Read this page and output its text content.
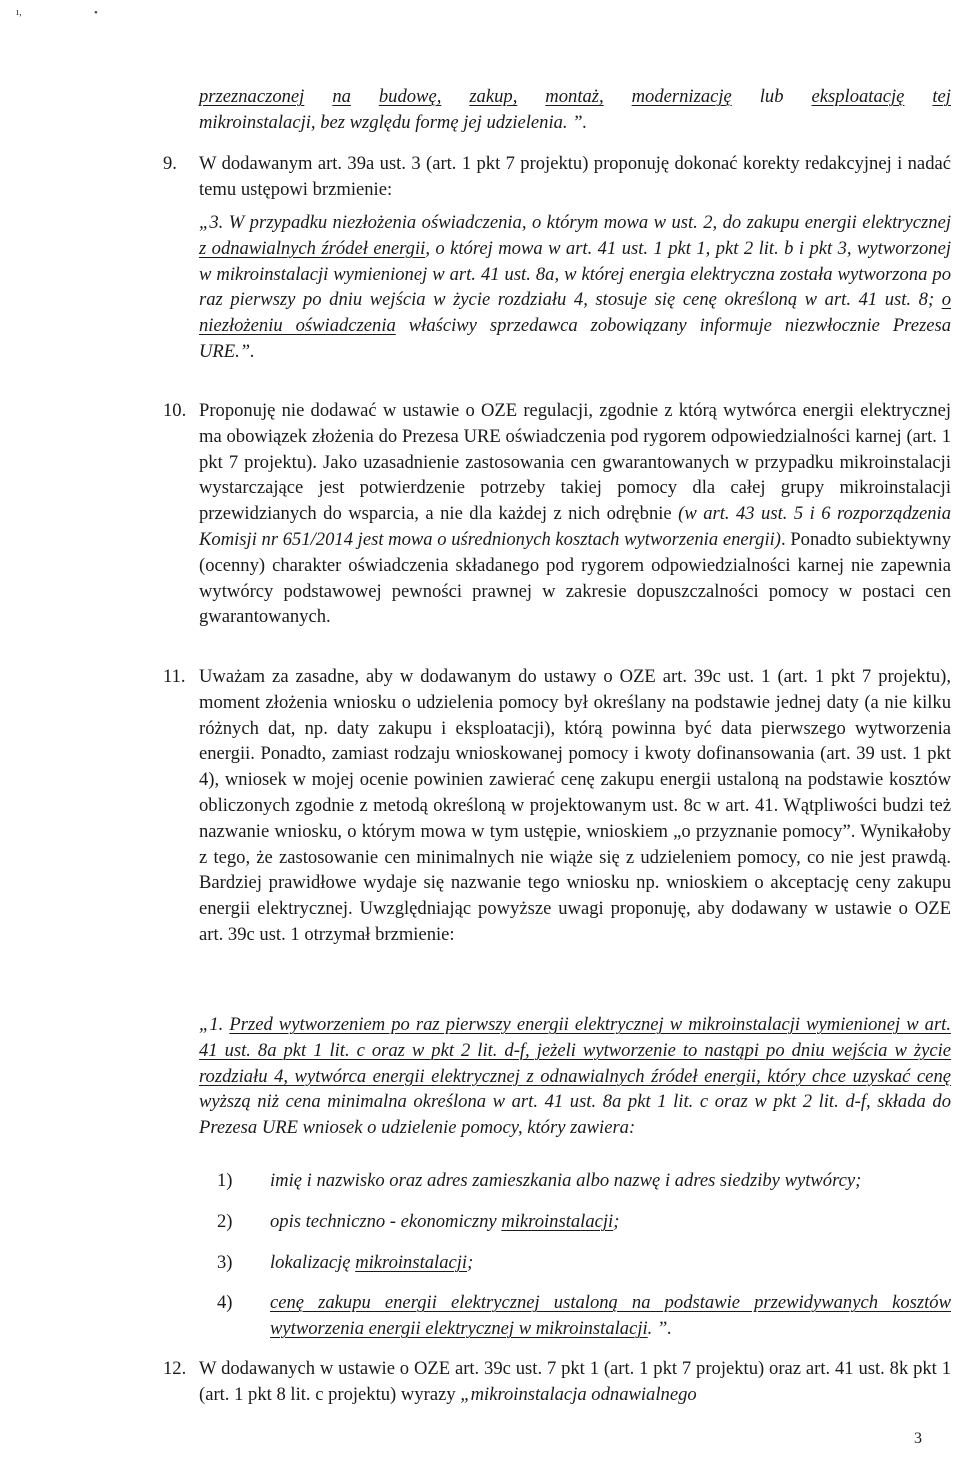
ı,	•
przeznaczonej na budowę, zakup, montaż, modernizację lub eksploatację tej
mikroinstalacji, bez względu formę jej udzielenia. ”.
9. W dodawanym art. 39a ust. 3 (art. 1 pkt 7 projektu) proponuję dokonać korekty redakcyjnej i nadać temu ustępowi brzmienie:
„3. W przypadku niezłożenia oświadczenia, o którym mowa w ust. 2, do zakupu energii elektrycznej z odnawialnych źródeł energii, o której mowa w art. 41 ust. 1 pkt 1, pkt 2 lit. b i pkt 3, wytworzonej w mikroinstalacji wymienionej w art. 41 ust. 8a, w której energia elektryczna została wytworzona po raz pierwszy po dniu wejścia w życie rozdziału 4, stosuje się cenę określoną w art. 41 ust. 8; o niezłożeniu oświadczenia właściwy sprzedawca zobowiązany informuje niezwłocznie Prezesa URE.”.
10. Proponuję nie dodawać w ustawie o OZE regulacji, zgodnie z którą wytwórca energii elektrycznej ma obowiązek złożenia do Prezesa URE oświadczenia pod rygorem odpowiedzialności karnej (art. 1 pkt 7 projektu). Jako uzasadnienie zastosowania cen gwarantowanych w przypadku mikroinstalacji wystarczające jest potwierdzenie potrzeby takiej pomocy dla całej grupy mikroinstalacji przewidzianych do wsparcia, a nie dla każdej z nich odrębnie (w art. 43 ust. 5 i 6 rozporządzenia Komisji nr 651/2014 jest mowa o uśrednionych kosztach wytworzenia energii). Ponadto subiektywny (ocenny) charakter oświadczenia składanego pod rygorem odpowiedzialności karnej nie zapewnia wytwórcy podstawowej pewności prawnej w zakresie dopuszczalności pomocy w postaci cen gwarantowanych.
11. Uważam za zasadne, aby w dodawanym do ustawy o OZE art. 39c ust. 1 (art. 1 pkt 7 projektu), moment złożenia wniosku o udzielenia pomocy był określany na podstawie jednej daty (a nie kilku różnych dat, np. daty zakupu i eksploatacji), którą powinna być data pierwszego wytworzenia energii. Ponadto, zamiast rodzaju wnioskowanej pomocy i kwoty dofinansowania (art. 39 ust. 1 pkt 4), wniosek w mojej ocenie powinien zawierać cenę zakupu energii ustaloną na podstawie kosztów obliczonych zgodnie z metodą określoną w projektowanym ust. 8c w art. 41. Wątpliwości budzi też nazwanie wniosku, o którym mowa w tym ustępie, wnioskiem „o przyznanie pomocy”. Wynikałoby z tego, że zastosowanie cen minimalnych nie wiąże się z udzieleniem pomocy, co nie jest prawdą. Bardziej prawidłowe wydaje się nazwanie tego wniosku np. wnioskiem o akceptację ceny zakupu energii elektrycznej. Uwzględniając powyższe uwagi proponuję, aby dodawany w ustawie o OZE art. 39c ust. 1 otrzymał brzmienie:
„1. Przed wytworzeniem po raz pierwszy energii elektrycznej w mikroinstalacji wymienionej w art. 41 ust. 8a pkt 1 lit. c oraz w pkt 2 lit. d-f, jeżeli wytworzenie to nastąpi po dniu wejścia w życie rozdziału 4, wytwórca energii elektrycznej z odnawialnych źródeł energii, który chce uzyskać cenę wyższą niż cena minimalna określona w art. 41 ust. 8a pkt 1 lit. c oraz w pkt 2 lit. d-f, składa do Prezesa URE wniosek o udzielenie pomocy, który zawiera:
1) imię i nazwisko oraz adres zamieszkania albo nazwę i adres siedziby wytwórcy;
2) opis techniczno - ekonomiczny mikroinstalacji;
3) lokalizację mikroinstalacji;
4) cenę zakupu energii elektrycznej ustaloną na podstawie przewidywanych kosztów wytworzenia energii elektrycznej w mikroinstalacji. ”.
12. W dodawanych w ustawie o OZE art. 39c ust. 7 pkt 1 (art. 1 pkt 7 projektu) oraz art. 41 ust. 8k pkt 1 (art. 1 pkt 8 lit. c projektu) wyrazy „mikroinstalacja odnawialnego
3
